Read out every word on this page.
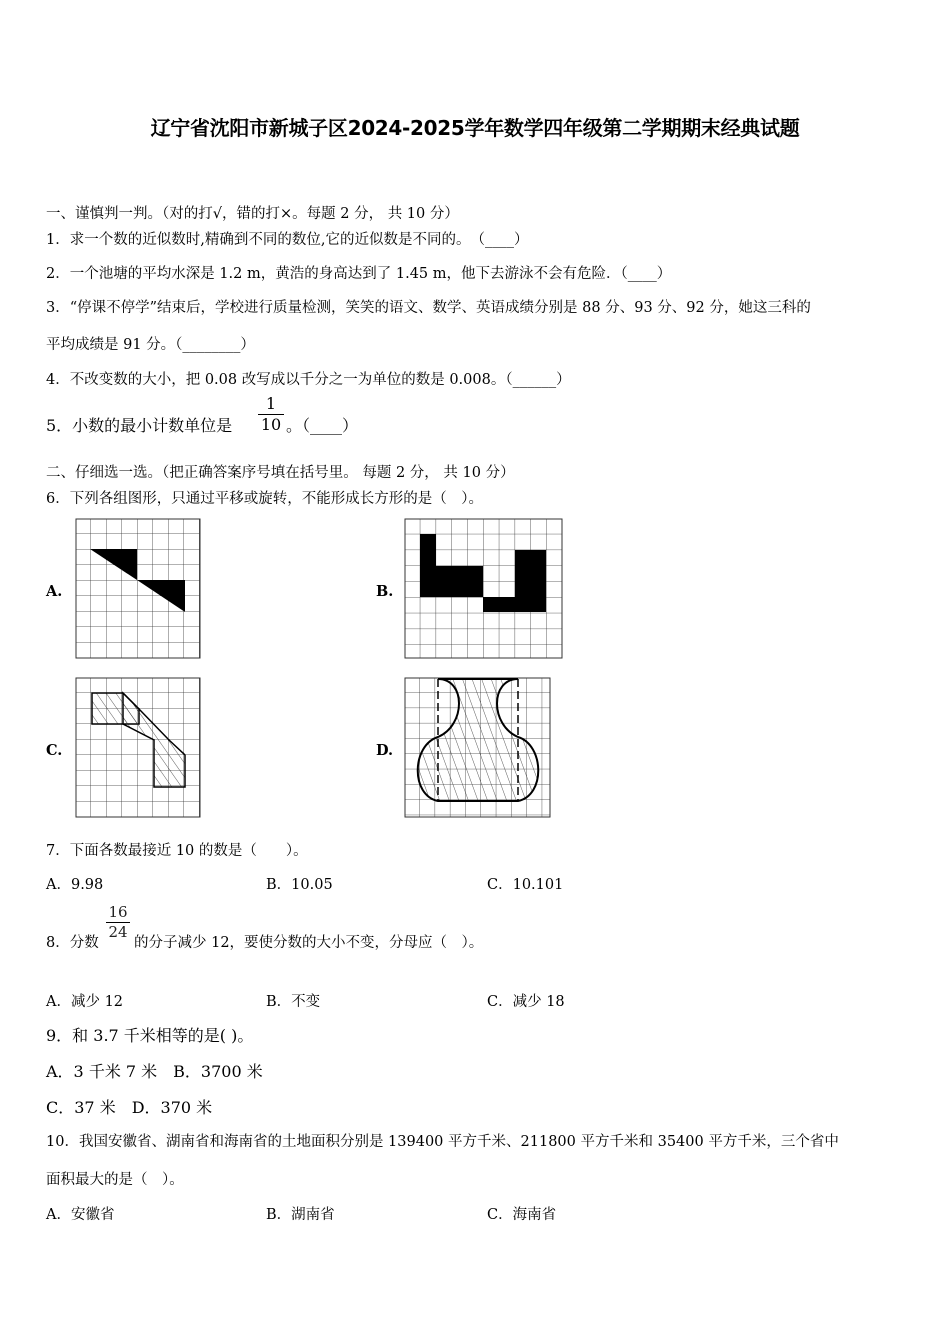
辽宁省沈阳市新城子区2024-2025学年数学四年级第二学期期末经典试题
一、谨慎判一判。（对的打√，错的打×。每题 2 分， 共 10 分）
1．求一个数的近似数时,精确到不同的数位,它的近似数是不同的。　（____）
2．一个池塘的平均水深是 1.2 m，黄浩的身高达到了 1.45 m，他下去游泳不会有危险．（____）
3．“停课不停学”结束后，学校进行质量检测，笑笑的语文、数学、英语成绩分别是 88 分、93 分、92 分，她这三科的
平均成绩是 91 分。（________）
4．不改变数的大小，把 0.08 改写成以千分之一为单位的数是 0.008。（______）
5．小数的最小计数单位是
1
10 。（____）
二、仔细选一选。（把正确答案序号填在括号里。 每题 2 分， 共 10 分）
6．下列各组图形，只通过平移或旋转，不能形成长方形的是（　）。
A.	B.
C.	D.
7．下面各数最接近 10 的数是（　　）。
A．9.98	B．10.05	C．10.101
8．分数
16
24
的分子减少 12，要使分数的大小不变，分母应（　）。
A．减少 12	B．不变	C．减少 18
9．和 3.7 千米相等的是( )。
A．3 千米 7 米　B．3700 米
C．37 米　D．370 米
10．我国安徽省、湖南省和海南省的土地面积分别是 139400 平方千米、211800 平方千米和 35400 平方千米，三个省中
面积最大的是（　）。
A．安徽省	B．湖南省	C．海南省
